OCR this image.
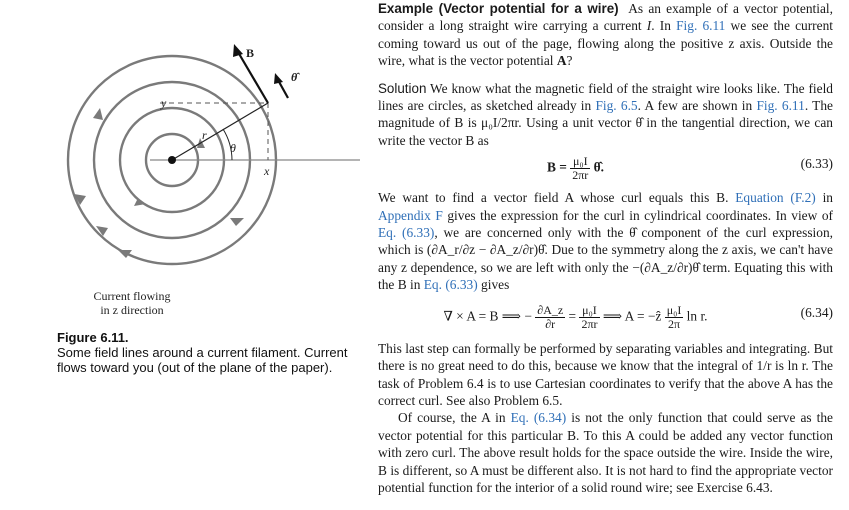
B
θ̂
y
r
θ
x
Current flowing
in z direction
Figure 6.11.
Some field lines around a current filament. Current flows toward you (out of the plane of the paper).

Example (Vector potential for a wire) As an example of a vector potential, consider a long straight wire carrying a current I. In Fig. 6.11 we see the current coming toward us out of the page, flowing along the positive z axis. Outside the wire, what is the vector potential A?

Solution We know what the magnetic field of the straight wire looks like. The field lines are circles, as sketched already in Fig. 6.5. A few are shown in Fig. 6.11. The magnitude of B is μ₀I/2πr. Using a unit vector θ̂ in the tangential direction, we can write the vector B as

$B = \frac{\text{μ₀I}}{2\pi r}$ θ̂.	(6.33)

We want to find a vector field A whose curl equals this B. Equation (F.2) in Appendix F gives the expression for the curl in cylindrical coordinates. In view of Eq. (6.33), we are concerned only with the θ̂ component of the curl expression, which is (∂A_r/∂z − ∂A_z/∂r)θ̂. Due to the symmetry along the z axis, we can't have any z dependence, so we are left with only the −(∂A_z/∂r)θ̂ term. Equating this with the B in Eq. (6.33) gives

∇ × A = B ⟹ − $\frac{\partial A\_z}{\partial r} = \frac{\text{μ₀I}}{2\pi r}$ ⟹ A = −ẑ $\frac{\text{μ₀I}}{2\pi}$ ln r.	(6.34)

This last step can formally be performed by separating variables and integrating. But there is no great need to do this, because we know that the integral of 1/r is ln r. The task of Problem 6.4 is to use Cartesian coordinates to verify that the above A has the correct curl. See also Problem 6.5.

Of course, the A in Eq. (6.34) is not the only function that could serve as the vector potential for this particular B. To this A could be added any vector function with zero curl. The above result holds for the space outside the wire. Inside the wire, B is different, so A must be different also. It is not hard to find the appropriate vector potential function for the interior of a solid round wire; see Exercise 6.43.
